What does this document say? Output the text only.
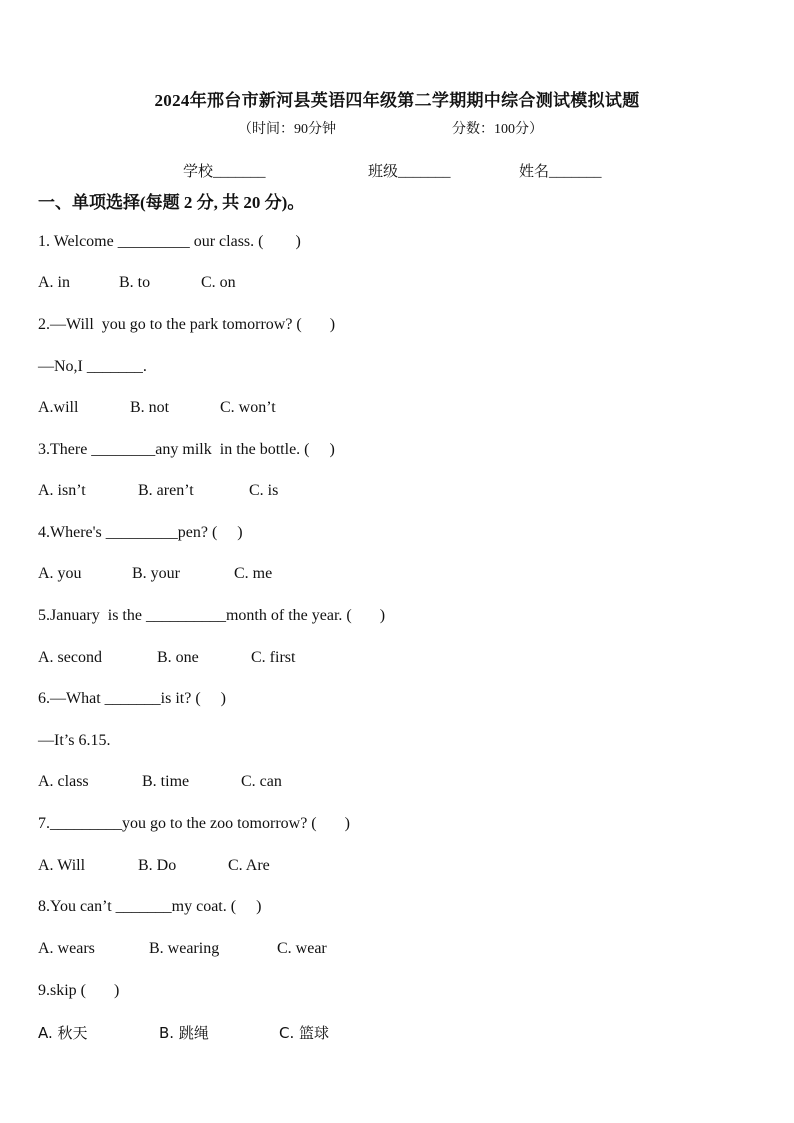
2024年邢台市新河县英语四年级第二学期期中综合测试模拟试题
（时间：90分钟	分数：100分）
学校_______	班级_______	姓名_______
一、单项选择(每题 2 分, 共 20 分)。
1. Welcome _________ our class. (        )
A. in	B. to	C. on
2.—Will  you go to the park tomorrow? (       )
—No,I _______.
A.will	B. not	C. won’t
3.There ________any milk  in the bottle. (     )
A. isn’t	B. aren’t	C. is
4.Where's _________pen? (     )
A. you	B. your	C. me
5.January  is the __________month of the year. (       )
A. second	B. one	C. first
6.—What _______is it? (     )
—It’s 6.15.
A. class	B. time	C. can
7._________you go to the zoo tomorrow? (       )
A. Will	B. Do	C. Are
8.You can’t _______my coat. (     )
A. wears	B. wearing	C. wear
9.skip (       )
A. 秋天	B. 跳绳	C. 篮球
